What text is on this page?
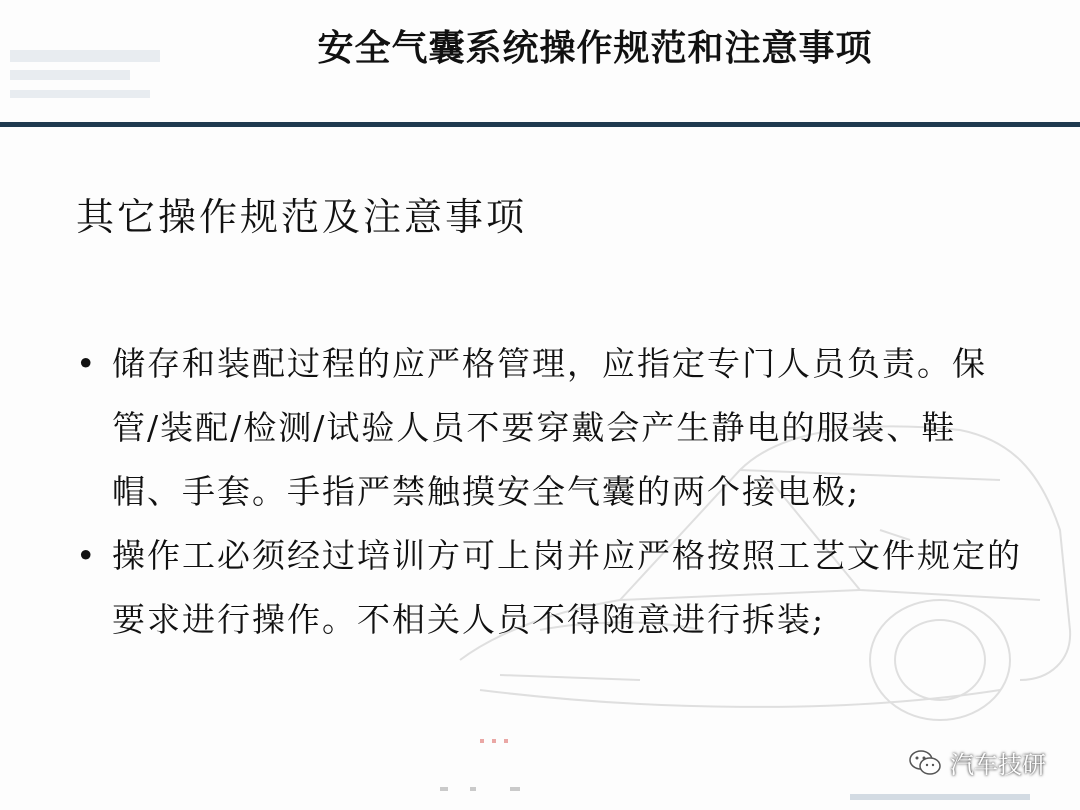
安全气囊系统操作规范和注意事项
其它操作规范及注意事项
• 储存和装配过程的应严格管理，应指定专门人员负责。保管/装配/检测/试验人员不要穿戴会产生静电的服装、鞋帽、手套。手指严禁触摸安全气囊的两个接电极;
• 操作工必须经过培训方可上岗并应严格按照工艺文件规定的要求进行操作。不相关人员不得随意进行拆装;
汽车技研
